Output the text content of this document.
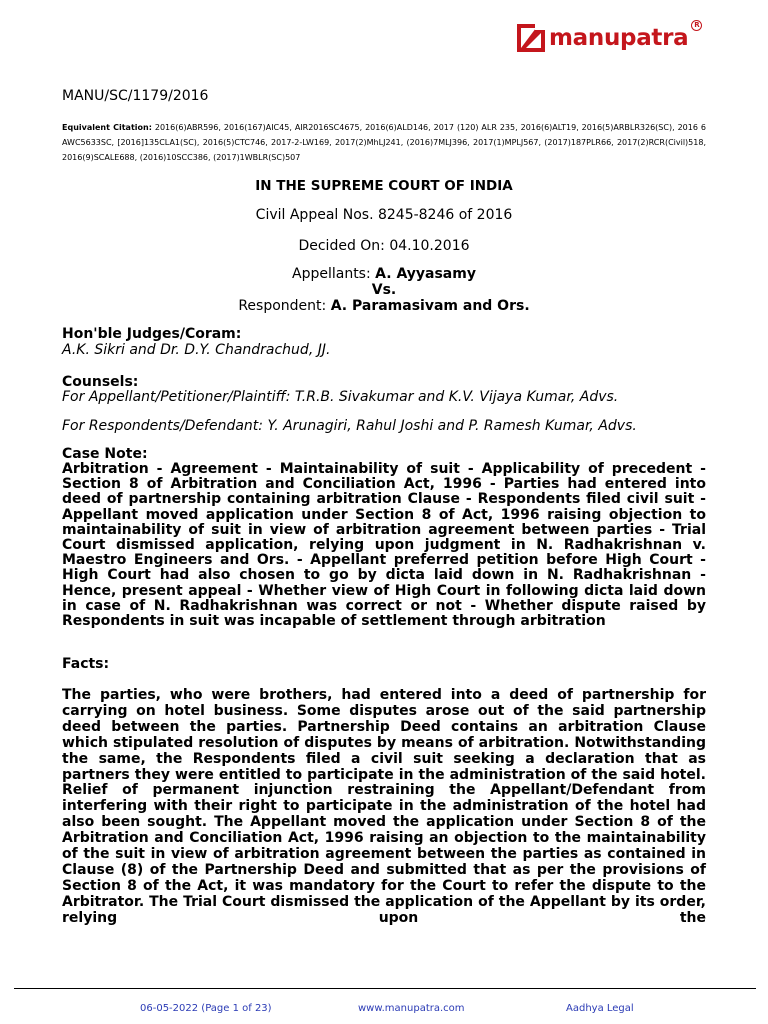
manupatra R
MANU/SC/1179/2016
Equivalent Citation: 2016(6)ABR596, 2016(167)AIC45, AIR2016SC4675, 2016(6)ALD146, 2017 (120) ALR 235, 2016(6)ALT19, 2016(5)ARBLR326(SC), 2016 6 AWC5633SC, [2016]135CLA1(SC), 2016(5)CTC746, 2017-2-LW169, 2017(2)MhLJ241, (2016)7MLJ396, 2017(1)MPLJ567, (2017)187PLR66, 2017(2)RCR(Civil)518, 2016(9)SCALE688, (2016)10SCC386, (2017)1WBLR(SC)507
IN THE SUPREME COURT OF INDIA
Civil Appeal Nos. 8245-8246 of 2016
Decided On: 04.10.2016
Appellants: A. Ayyasamy
Vs.
Respondent: A. Paramasivam and Ors.
Hon'ble Judges/Coram:
A.K. Sikri and Dr. D.Y. Chandrachud, JJ.
Counsels:
For Appellant/Petitioner/Plaintiff: T.R.B. Sivakumar and K.V. Vijaya Kumar, Advs.
For Respondents/Defendant: Y. Arunagiri, Rahul Joshi and P. Ramesh Kumar, Advs.
Case Note:
Arbitration - Agreement - Maintainability of suit - Applicability of precedent - Section 8 of Arbitration and Conciliation Act, 1996 - Parties had entered into deed of partnership containing arbitration Clause - Respondents filed civil suit - Appellant moved application under Section 8 of Act, 1996 raising objection to maintainability of suit in view of arbitration agreement between parties - Trial Court dismissed application, relying upon judgment in N. Radhakrishnan v. Maestro Engineers and Ors. - Appellant preferred petition before High Court - High Court had also chosen to go by dicta laid down in N. Radhakrishnan - Hence, present appeal - Whether view of High Court in following dicta laid down in case of N. Radhakrishnan was correct or not - Whether dispute raised by Respondents in suit was incapable of settlement through arbitration
Facts:
The parties, who were brothers, had entered into a deed of partnership for carrying on hotel business. Some disputes arose out of the said partnership deed between the parties. Partnership Deed contains an arbitration Clause which stipulated resolution of disputes by means of arbitration. Notwithstanding the same, the Respondents filed a civil suit seeking a declaration that as partners they were entitled to participate in the administration of the said hotel. Relief of permanent injunction restraining the Appellant/Defendant from interfering with their right to participate in the administration of the hotel had also been sought. The Appellant moved the application under Section 8 of the Arbitration and Conciliation Act, 1996 raising an objection to the maintainability of the suit in view of arbitration agreement between the parties as contained in Clause (8) of the Partnership Deed and submitted that as per the provisions of Section 8 of the Act, it was mandatory for the Court to refer the dispute to the Arbitrator. The Trial Court dismissed the application of the Appellant by its order, relying upon the
06-05-2022 (Page 1 of 23)	www.manupatra.com	Aadhya Legal
